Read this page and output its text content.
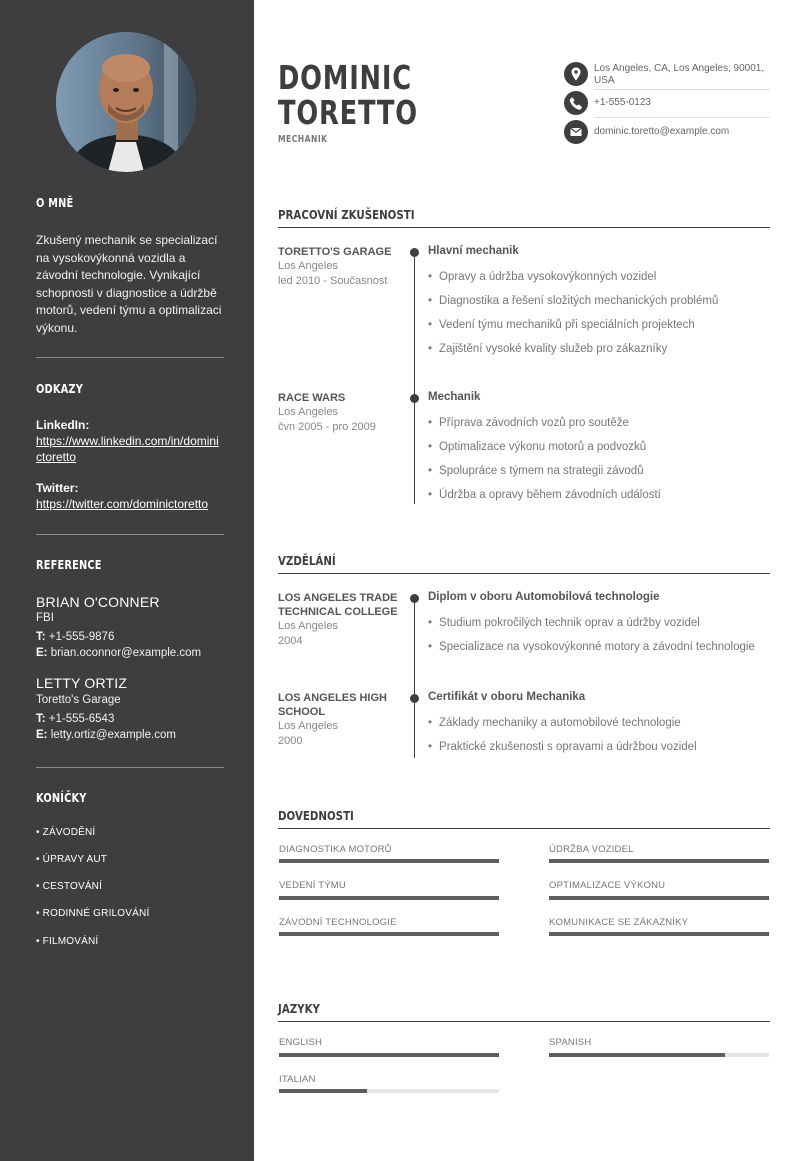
O MNĚ
Zkušený mechanik se specializací na vysokovýkonná vozidla a závodní technologie. Vynikající schopnosti v diagnostice a údržbě motorů, vedení týmu a optimalizaci výkonu.
ODKAZY
LinkedIn:
https://www.linkedin.com/in/dominictoretto
Twitter:
https://twitter.com/dominictoretto
REFERENCE
BRIAN O'CONNER
FBI
T: +1-555-9876
E: brian.oconnor@example.com
LETTY ORTIZ
Toretto's Garage
T: +1-555-6543
E: letty.ortiz@example.com
KONÍČKY
• ZÁVODĚNÍ
• ÚPRAVY AUT
• CESTOVÁNÍ
• RODINNÉ GRILOVÁNÍ
• FILMOVÁNÍ
DOMINIC
TORETTO
MECHANIK
Los Angeles, CA, Los Angeles, 90001, USA
+1-555-0123
dominic.toretto@example.com
PRACOVNÍ ZKUŠENOSTI
TORETTO'S GARAGE
Los Angeles
led 2010 - Současnost
Hlavní mechanik
• Opravy a údržba vysokovýkonných vozidel
• Diagnostika a řešení složitých mechanických problémů
• Vedení týmu mechaniků při speciálních projektech
• Zajištění vysoké kvality služeb pro zákazníky
RACE WARS
Los Angeles
čvn 2005 - pro 2009
Mechanik
• Příprava závodních vozů pro soutěže
• Optimalizace výkonu motorů a podvozků
• Spolupráce s týmem na strategii závodů
• Údržba a opravy během závodních událostí
VZDĚLÁNÍ
LOS ANGELES TRADE TECHNICAL COLLEGE
Los Angeles
2004
Diplom v oboru Automobilová technologie
• Studium pokročilých technik oprav a údržby vozidel
• Specializace na vysokovýkonné motory a závodní technologie
LOS ANGELES HIGH SCHOOL
Los Angeles
2000
Certifikát v oboru Mechanika
• Základy mechaniky a automobilové technologie
• Praktické zkušenosti s opravami a údržbou vozidel
DOVEDNOSTI
DIAGNOSTIKA MOTORŮ	ÚDRŽBA VOZIDEL
VEDENÍ TÝMU	OPTIMALIZACE VÝKONU
ZÁVODNÍ TECHNOLOGIE	KOMUNIKACE SE ZÁKAZNÍKY
JAZYKY
ENGLISH	SPANISH
ITALIAN
